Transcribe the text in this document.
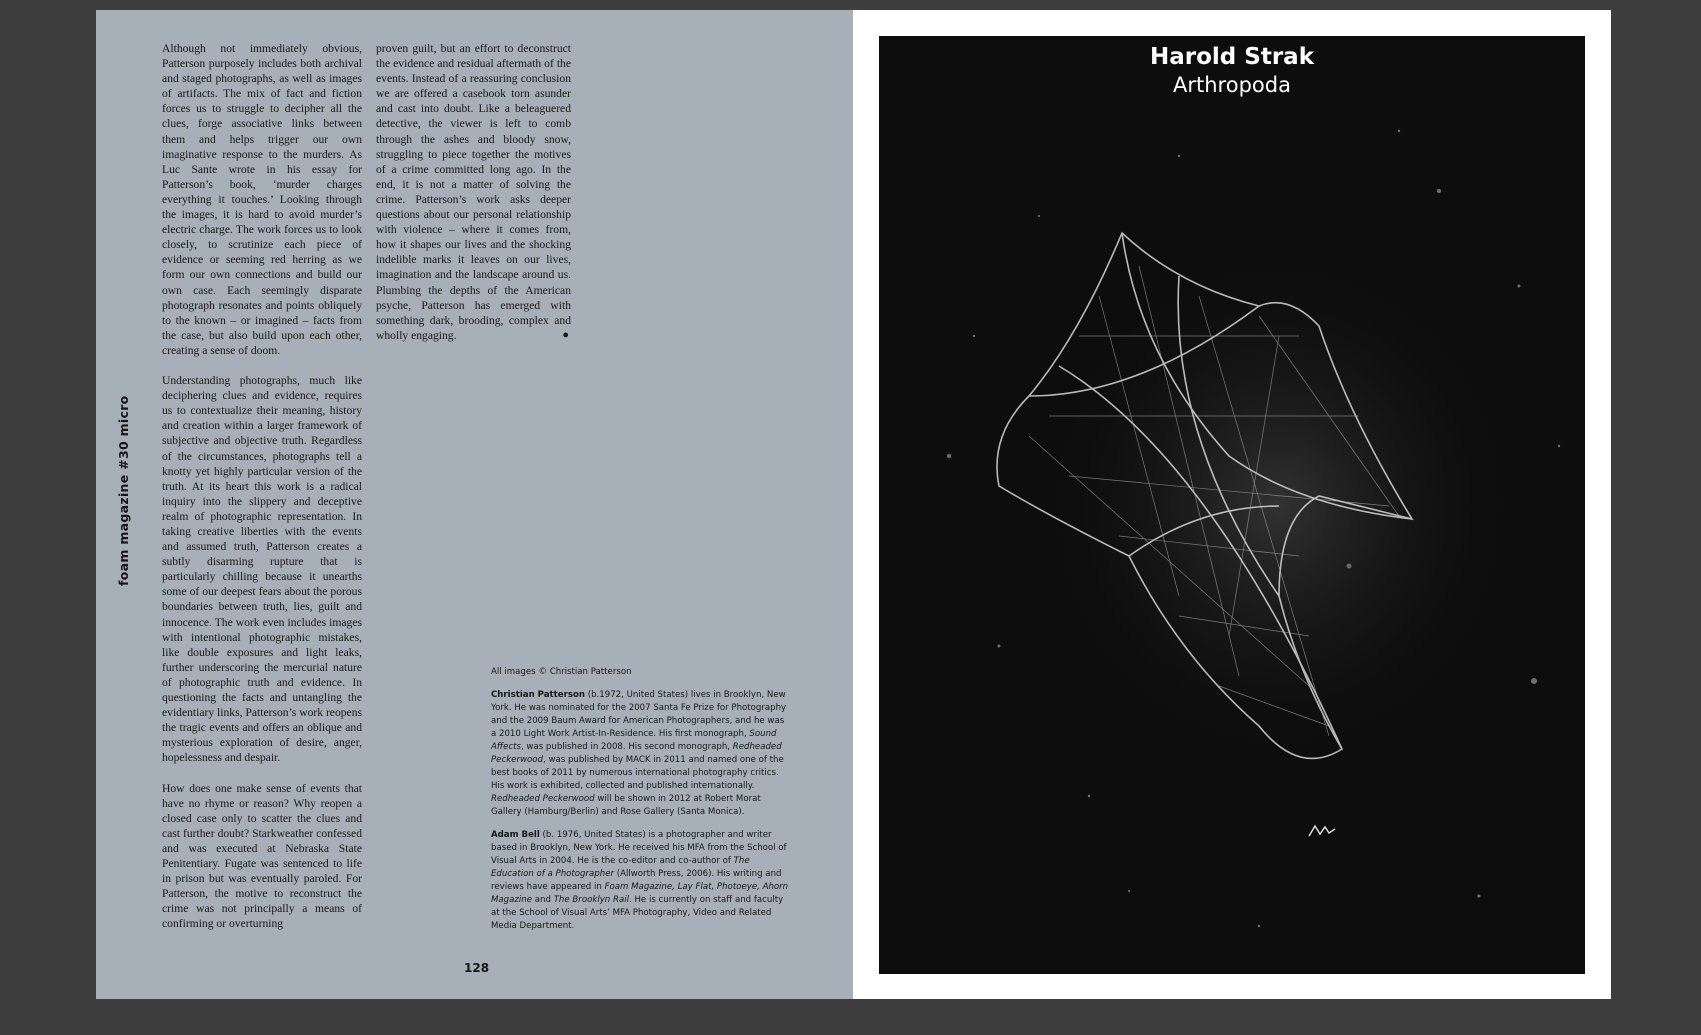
foam magazine #30 micro

Although not immediately obvious, Patterson purposely includes both archival and staged photographs, as well as images of artifacts. The mix of fact and fiction forces us to struggle to decipher all the clues, forge associative links between them and helps trigger our own imaginative response to the murders. As Luc Sante wrote in his essay for Patterson’s book, ‘murder charges everything it touches.’ Looking through the images, it is hard to avoid murder’s electric charge. The work forces us to look closely, to scrutinize each piece of evidence or seeming red herring as we form our own connections and build our own case. Each seemingly disparate photograph resonates and points obliquely to the known – or imagined – facts from the case, but also build upon each other, creating a sense of doom.

Understanding photographs, much like deciphering clues and evidence, requires us to contextualize their meaning, history and creation within a larger framework of subjective and objective truth. Regardless of the circumstances, photographs tell a knotty yet highly particular version of the truth. At its heart this work is a radical inquiry into the slippery and deceptive realm of photographic representation. In taking creative liberties with the events and assumed truth, Patterson creates a subtly disarming rupture that is particularly chilling because it unearths some of our deepest fears about the porous boundaries between truth, lies, guilt and innocence. The work even includes images with intentional photographic mistakes, like double exposures and light leaks, further underscoring the mercurial nature of photographic truth and evidence. In questioning the facts and untangling the evidentiary links, Patterson’s work reopens the tragic events and offers an oblique and mysterious exploration of desire, anger, hopelessness and despair.

How does one make sense of events that have no rhyme or reason? Why reopen a closed case only to scatter the clues and cast further doubt? Starkweather confessed and was executed at Nebraska State Penitentiary. Fugate was sentenced to life in prison but was eventually paroled. For Patterson, the motive to reconstruct the crime was not principally a means of confirming or overturning

proven guilt, but an effort to deconstruct the evidence and residual aftermath of the events. Instead of a reassuring conclusion we are offered a casebook torn asunder and cast into doubt. Like a beleaguered detective, the viewer is left to comb through the ashes and bloody snow, struggling to piece together the motives of a crime committed long ago. In the end, it is not a matter of solving the crime. Patterson’s work asks deeper questions about our personal relationship with violence – where it comes from, how it shapes our lives and the shocking indelible marks it leaves on our lives, imagination and the landscape around us. Plumbing the depths of the American psyche, Patterson has emerged with something dark, brooding, complex and wholly engaging.	●

All images © Christian Patterson

Christian Patterson (b.1972, United States) lives in Brooklyn, New York. He was nominated for the 2007 Santa Fe Prize for Photography and the 2009 Baum Award for American Photographers, and he was a 2010 Light Work Artist-In-Residence. His first monograph, Sound Affects, was published in 2008. His second monograph, Redheaded Peckerwood, was published by MACK in 2011 and named one of the best books of 2011 by numerous international photography critics. His work is exhibited, collected and published internationally. Redheaded Peckerwood will be shown in 2012 at Robert Morat Gallery (Hamburg/Berlin) and Rose Gallery (Santa Monica).

Adam Bell (b. 1976, United States) is a photographer and writer based in Brooklyn, New York. He received his MFA from the School of Visual Arts in 2004. He is the co-editor and co-author of The Education of a Photographer (Allworth Press, 2006). His writing and reviews have appeared in Foam Magazine, Lay Flat, Photoeye, Ahorn Magazine and The Brooklyn Rail. He is currently on staff and faculty at the School of Visual Arts’ MFA Photography, Video and Related Media Department.

128
Harold Strak
Arthropoda
